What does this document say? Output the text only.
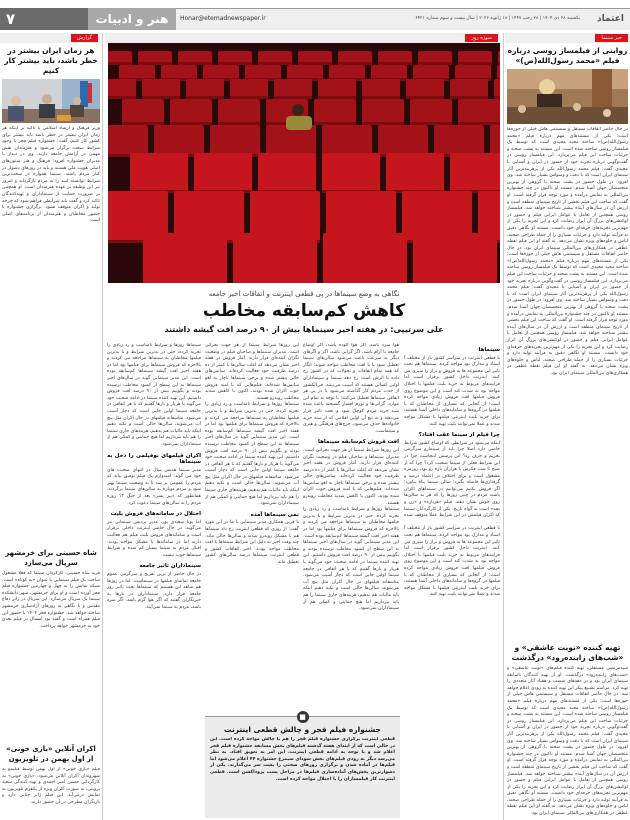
۷	هنر و ادبیات	Honar@etemadnewspaper.ir	یکشنبه ۲۸ دی ۱۴۰۴ | ۲۸ رجب ۱۴۴۷ | ۱۸ ژانویه ۲۰۲۶ | سال بیست و سوم شماره ۶۴۲۱ اعتماد
گزارش	سوژه روز	خبر سینما
هر زمان ایران بیشتر در خطر باشد، باید بیشتر کار کنیم
وزیر فرهنگ و ارشاد اسلامی با تاکید بر اینکه هر زمان ایران بیشتر در خطر باشد باید بیشتر برای کشور کار کنیم، گفت: جشنواره فیلم فجر با وجود شرایط سخت برگزار می‌شود و هنرمندان نقش مهمی در آرامش جامعه دارند. وی در دیدار با مدیران جشنواره افزود: فرهنگ و هنر ستون‌های اصلی هویت ملی هستند و باید در روزهای دشوار در کنار مردم باشند. سینما همواره در سخت‌ترین شرایط توانسته امید را به مردم بازگرداند و امروز نیز این وظیفه بر عهده هنرمندان است. او همچنین بر ضرورت حمایت از سینماداران و تهیه‌کنندگان تاکید کرد و گفت باید شرایطی فراهم شود که چرخه تولید و اکران متوقف نشود. برگزاری جشنواره با حضور مخاطبان و هنرمندان از برنامه‌های اصلی است.
شاه حسینی برای خرمشهر سریال می‌سازد
فرید شاه حسینی، کارگردان سینما که فعلا مشغول ساخت یک فیلم سینمایی با عنوان «به کوتاه» است، شبکه نمایش را به چهل و چهارمین جشنواره فیلم فجر آورده است و او برای خرمشهر، شهر دانشکده سینما یک سریال می‌سازد. این سریال در ژانر دفاع مقدس و با نگاهی به روزهای آزادسازی خرمشهر ساخته خواهد شد. جشنواره فجر ۱۴۰۴ با حضور این فیلم همراه است و گفته بود امسال در فیلم بعدی خود به خرمشهر خواهد پرداخت.
اکران آنلاین «بازی خونی» از اول بهمن در تلویزیون
فیلم «بازی خونی» از اول بهمن توسط فیلیمو به شهروندان اکران آنلاین می‌شود. «بازی خونی» به کارگردانی حسین امیر احمدی و تهیه کنندگی سعید پروینی، به صورت اکران ویژه از پلتفرم تلویزیون به نمایش درمی‌آید. این فیلم ژانر جنایی دارد و بازیگران مطرحی در آن حضور دارند.
نگاهی به وضع سینماها در پی قطعی اینترنت و اتفاقات اخیر جامعه
کاهش کم‌سابقه مخاطب
علی سرتیپی: در هفته اخیر سینماها بیش از ۹۰ درصد افت گیشه داشتند
سینماها
با قطعی اینترنت در سراسر کشور باز از مختلف آ اسناد و مدارک بود مواجه کرده، سینماها هم تحت تاثیر این مجموعه ها به فروش و تراز را سپری می کنند. اینترنت داخل کشور برقرار است اما فرایندهای مربوط به خرید بلیت فیلمها با اختلال مواجه بود به شدت کند است و این موضوع روی فروش فیلمها افت فروش زیادی مواجه کرده است؛ از آنجایی که بسیاری از مخاطبان که با فیلمها در گروه‌ها و سامانه‌های داخلی آشنا هستند، برای خرید بلیت اینترنتی فیلمها با مشکل مواجه شدند و عملا نمی‌توانند بلیت تهیه کنند.
چرا فیلم از سینما عقب افتاد؟
اینکه می‌شود در شرایطی که اوضاع کشور شرایط خاصی دارد اصلا چرا باید از سینمارو سرگرمی بخریم و حرف زد؟ این پرسش اینجاست چرا در این شرایط فعلی از سینما صحبت کرد؟ چرا که از صبح تا شب فکرش با هزاران باره رو بود، روزمره مشغول است و برای اختلاف در اعتماد درصد و گرفتاری‌ها فاصله بگیرد؛ سالن سینما پناه بیاورد؛ اگر فروش بکنیم می‌توانیم در سینماهای اکران باشند مردم در چنین روزها را که هر به سالن‌ها روی خوش نشان دهند. فیلم «هرباره» و «زن و بچه» است به گواه تاریخ. یکی از کارگردانان سینما که اکران فیلمش در این شرایط عملا متوقف شده ...
با قطعی اینترنت در سراسر کشور باز از مختلف آ اسناد و مدارک بود مواجه کرده، سینماها هم تحت تاثیر این مجموعه ها به فروش و تراز را سپری می کنند. اینترنت داخل کشور برقرار است اما فرایندهای مربوط به خرید بلیت فیلمها با اختلال مواجه بود به شدت کند است و این موضوع روی فروش فیلمها افت فروش زیادی مواجه کرده است؛ از آنجایی که بسیاری از مخاطبان که با فیلمها در گروه‌ها و سامانه‌های داخلی آشنا هستند، برای خرید بلیت اینترنتی فیلمها با مشکل مواجه شدند و عملا نمی‌توانند بلیت تهیه کنند.
هوا سرد باشد، اگر هوا آلوده باشد، اگر اوضاع جامعه نا آرام باشد، اگر گرانی باشد، اگر و اگرهای دیگر به سرعت باعث می‌شود سالن‌های سینما تعطیل شود یا با افت مخاطب مواجه شوند؛ انگار که همه تمام اتفاقات و تحولات که در کشور رخ داده با اثرش است رخ دهد سینما و سینماداران اولین کسانی هستند که آسیب می‌بینند. فی‌الکشور از جذب مردم کار گذاشته می‌شود یا در پی هر اتفاقی سینماها تعطیل می‌کنند؛ با توجه به تمام این موارد، گرانی‌ها و تورم افسار گسیخته باعث شده سبد خرید مردم کوچک شود و تحت تاثیر قرار می‌دهند و به تبع آن اولین اقلامی که از سبد خرید خانواده‌ها حذف می‌شود، خرج‌های فرهنگی و هنری و سینماست.
افت فروش کم‌سابقه سینماها
این روزها شرایط سینما از هر جهت بحرانی است. مدیران سینماها و صاحبان فیلم در وضعیت نگران کننده‌ای قرار دارند. آمار فروش در هفته اخیر نشان می‌دهد که اغلب سالن‌ها با کمتر از ده درصد ظرفیت خود فعالیت کرده‌اند. سانس‌های خالی بیشتر شده و برخی سینماها ناچار به لغو سانس‌ها شده‌اند. فیلم‌هایی که با امید فروش خوب اکران شده بودند، اکنون با کاهش شدید مخاطب روبه‌رو هستند.
سینماها روزها و شرایط نامناسب و رد زیادی را تجربه کرده، حتی در بدترین شرایط و با بدترین فیلمها مخاطبان به سینماها مراجعه می کردند و بالاخره که فروش سینماها برای فیلمها بود اما در هفته اخیر افت گیشه سینماها کم‌سابقه بوده است. این مدیر سینمایی گوید در سال‌های اخیر سینماها به این سطح از کمبود مخاطب نرسیده بودند و بگوییم بیش از ۹۰ درصد افت فروش داشتیم. این تهیه کننده سینما در ادامه صحبت خود می‌گوید با هربار و بارها گفتیم که با هر اتفاقی در جامعه سینما اولین جایی است که دچار آسیب می‌شود. متاسفانه فیلمهای در حال اکران مثل پیچ آب می‌شوند، سالن‌ها خالی است و تکیه دهیم اینکه باید مالیات هم بدهیم، هزینه‌های جاری سینما را هم باید بپردازیم اما هیچ حمایتی و کمکی هم از سینماداران نمی‌شود.
این روزها شرایط سینما از هر جهت بحرانی است. مدیران سینماها و صاحبان فیلم در وضعیت نگران کننده‌ای قرار دارند. آمار فروش در هفته اخیر نشان می‌دهد که اغلب سالن‌ها با کمتر از ده درصد ظرفیت خود فعالیت کرده‌اند. سانس‌های خالی بیشتر شده و برخی سینماها ناچار به لغو سانس‌ها شده‌اند. فیلم‌هایی که با امید فروش خوب اکران شده بودند، اکنون با کاهش شدید مخاطب روبه‌رو هستند.
سینماها روزها و شرایط نامناسب و رد زیادی را تجربه کرده، حتی در بدترین شرایط و با بدترین فیلمها مخاطبان به سینماها مراجعه می کردند و بالاخره که فروش سینماها برای فیلمها بود اما در هفته اخیر افت گیشه سینماها کم‌سابقه بوده است. این مدیر سینمایی گوید در سال‌های اخیر سینماها به این سطح از کمبود مخاطب نرسیده بودند و بگوییم بیش از ۹۰ درصد افت فروش داشتیم. این تهیه کننده سینما در ادامه صحبت خود می‌گوید با هربار و بارها گفتیم که با هر اتفاقی در جامعه سینما اولین جایی است که دچار آسیب می‌شود. متاسفانه فیلمهای در حال اکران مثل پیچ آب می‌شوند، سالن‌ها خالی است و تکیه دهیم اینکه باید مالیات هم بدهیم، هزینه‌های جاری سینما را هم باید بپردازیم اما هیچ حمایتی و کمکی هم از سینماداران نمی‌شود.
نمی سینماها آمده
با قرین همکاری مدیر سینمایی با ما در این مورد گفت: از روزی که قطعی اینترنت رخ داد سینماها هم با مشکل روبه‌رو شدند و سالن‌ها خالی ماند. چند وقت اخیر به دلیل این شرایط سینماها با افت مخاطب مواجه بودند. اخیر اتفاقات کشور و قطعی اینترنت سینماها درصد سالن‌های کشور تعطیل ماند.
سینماها روزها و شرایط نامناسب و رد زیادی را تجربه کرده، حتی در بدترین شرایط و با بدترین فیلمها مخاطبان به سینماها مراجعه می کردند و بالاخره که فروش سینماها برای فیلمها بود اما در هفته اخیر افت گیشه سینماها کم‌سابقه بوده است. این مدیر سینمایی گوید در سال‌های اخیر سینماها به این سطح از کمبود مخاطب نرسیده بودند و بگوییم بیش از ۹۰ درصد افت فروش داشتیم. این تهیه کننده سینما در ادامه صحبت خود می‌گوید با هربار و بارها گفتیم که با هر اتفاقی در جامعه سینما اولین جایی است که دچار آسیب می‌شود. متاسفانه فیلمهای در حال اکران مثل پیچ آب می‌شوند، سالن‌ها خالی است و تکیه دهیم اینکه باید مالیات هم بدهیم، هزینه‌های جاری سینما را هم باید بپردازیم اما هیچ حمایتی و کمکی هم از سینماداران نمی‌شود.
اکران فیلمهای نوفیلمی را دخل به سینماها
مدیر سینما هدیش سال در انتهای صحبت های خود می گوید: امیدوارم یک فیلم توفیق بیاید که مردم را عمومی بر سد تا به وضعیت سینما بهتر شود و مردم دوباره به سالن‌های سینما برگردند. همانطور که «پیر پسر» بعد از جنگ ۱۲ روزه مردم را به سالن‌های سینما دعوت کرد.
اختلال در سامانه‌های فروش بلیت
اما پویا سعیدی پور، مدیر پردیس سینمایی نیز می‌گوید: در حال حاضر اینترنت داخلی برقرار است و سامانه‌های فروش بلیت فیلم هم فعالیت دارند اما در سامانه‌ها با مشکل مواجه بودند. اقبال مردم به سینما بسیار کم شده و شرایط سینماها خوب نیست.
سینماداران تاثیر جامعه
در حال حاضر از ترین تفریح و سرگرمی عموم جامعه تماشای فیلمها در سینماست. اما در روزها هم شاهد این هستیم که سینماها تحت تاثیر روز جامعه قرار دارد. سینماداران در بارها به خبرنگاران گفتند که اگر هوا گرم باشد، اگر سرد باشد، مردم به سینما نمی‌آیند.
■
جشنواره فیلم فجر و چالش قطعی اینترنت
قطعی اینترنت برگزاری جشنواره فیلم فجر را هم با چالش مواجه کرده است. این در حالی است که از ابتدای هفته گذشته فیلم‌های بخش مسابقه جشنواره فیلم فجر اعلام شد و با توجه به ادامه قطعی اینترنت، این امر به تعویق افتاد. به نظر می‌رسد دیگر به زودی فیلم‌های بخش سودای سیمرغ جشنواره ۴۴ اعلام می‌شود اما فیلم‌ها در آماده شدن و برگزاری روزهای سختی را پشت سر می‌گذارند. یکی از دشوار‌ترین بخش‌های آماده‌سازی فیلم‌ها در مراحل پست پروداکشن است. قطعی اینترنت کار فیلمسازان را با اختلال مواجه کرده است.
روایتی از فیلمساز روسی درباره فیلم «محمد رسول‌الله(ص)»
در حال حاضر اتفاقات مستقل و سیستمی هاش خیلی از حوزه‌ها است؛ یکی از مستندهای مهم درباره فیلم «محمد رسول‌الله(ص)» ساخته مجید مجیدی است که توسط یک فیلمساز روسی ساخته شده است. این مستند به پشت صحنه و جزئیات ساخت این فیلم می‌پردازد. این فیلمساز روسی در گفت‌وگویی درباره تجربه خود از حضور در ایران و آشنایی با مجیدی گفت: فیلم محمد رسول‌الله یکی از پرهزینه‌ترین آثار سینمای ایران است که با دقت و وسواس بسیار ساخته شد. وی افزود: در طول حضور در پشت صحنه با گروهی از بهترین متخصصان جهان آشنا شدم. مستند او تاکنون در چند جشنواره بین‌المللی به نمایش درآمده و مورد توجه قرار گرفته است. او گفت که ساخت این فیلم بخشی از تاریخ سینمای منطقه است و ارزش آن در سال‌های آینده بیشتر شناخته خواهد شد. فیلمساز روسی همچنین از تعامل با عوامل ایرانی فیلم و حضور در لوکیشن‌های بزرگ آن ابراز رضایت کرد و این تجربه را یکی از مهم‌ترین تجربه‌های حرفه‌ای خود دانست. مستند او نگاهی دقیق به فرآیند تولید دارد و جزئیات بسیاری را از جمله طراحی صحنه، لباس و جلوه‌های ویژه نشان می‌دهد. به گفته او این فیلم نقطه عطفی در همکاری‌های بین‌المللی سینمای ایران بود. در حال حاضر اتفاقات مستقل و سیستمی هاش خیلی از حوزه‌ها است؛ یکی از مستندهای مهم درباره فیلم «محمد رسول‌الله(ص)» ساخته مجید مجیدی است که توسط یک فیلمساز روسی ساخته شده است. این مستند به پشت صحنه و جزئیات ساخت این فیلم می‌پردازد. این فیلمساز روسی در گفت‌وگویی درباره تجربه خود از حضور در ایران و آشنایی با مجیدی گفت: فیلم محمد رسول‌الله یکی از پرهزینه‌ترین آثار سینمای ایران است که با دقت و وسواس بسیار ساخته شد. وی افزود: در طول حضور در پشت صحنه با گروهی از بهترین متخصصان جهان آشنا شدم. مستند او تاکنون در چند جشنواره بین‌المللی به نمایش درآمده و مورد توجه قرار گرفته است. او گفت که ساخت این فیلم بخشی از تاریخ سینمای منطقه است و ارزش آن در سال‌های آینده بیشتر شناخته خواهد شد. فیلمساز روسی همچنین از تعامل با عوامل ایرانی فیلم و حضور در لوکیشن‌های بزرگ آن ابراز رضایت کرد و این تجربه را یکی از مهم‌ترین تجربه‌های حرفه‌ای خود دانست. مستند او نگاهی دقیق به فرآیند تولید دارد و جزئیات بسیاری را از جمله طراحی صحنه، لباس و جلوه‌های ویژه نشان می‌دهد. به گفته او این فیلم نقطه عطفی در همکاری‌های بین‌المللی سینمای ایران بود.
تهیه کننده «نوبت عاشقی» و «شب‌های زاینده‌رود» درگذشت
سیدمرتضی مستقلی، تهیه کننده فیلم‌های «نوبت عاشقی» و «شب‌های زاینده‌رود» درگذشت. او از تهیه کنندگان باسابقه سینمای ایران بود و در دهه‌های شصت و هفتاد آثار متعددی را تهیه کرد. مراسم تشییع پیکر این تهیه کننده به زودی اعلام خواهد شد. در حال حاضر اتفاقات مستقل و سیستمی هاش خیلی از حوزه‌ها است؛ یکی از مستندهای مهم درباره فیلم «محمد رسول‌الله(ص)» ساخته مجید مجیدی است که توسط یک فیلمساز روسی ساخته شده است. این مستند به پشت صحنه و جزئیات ساخت این فیلم می‌پردازد. این فیلمساز روسی در گفت‌وگویی درباره تجربه خود از حضور در ایران و آشنایی با مجیدی گفت: فیلم محمد رسول‌الله یکی از پرهزینه‌ترین آثار سینمای ایران است که با دقت و وسواس بسیار ساخته شد. وی افزود: در طول حضور در پشت صحنه با گروهی از بهترین متخصصان جهان آشنا شدم. مستند او تاکنون در چند جشنواره بین‌المللی به نمایش درآمده و مورد توجه قرار گرفته است. او گفت که ساخت این فیلم بخشی از تاریخ سینمای منطقه است و ارزش آن در سال‌های آینده بیشتر شناخته خواهد شد. فیلمساز روسی همچنین از تعامل با عوامل ایرانی فیلم و حضور در لوکیشن‌های بزرگ آن ابراز رضایت کرد و این تجربه را یکی از مهم‌ترین تجربه‌های حرفه‌ای خود دانست. مستند او نگاهی دقیق به فرآیند تولید دارد و جزئیات بسیاری را از جمله طراحی صحنه، لباس و جلوه‌های ویژه نشان می‌دهد. به گفته او این فیلم نقطه عطفی در همکاری‌های بین‌المللی سینمای ایران بود.
